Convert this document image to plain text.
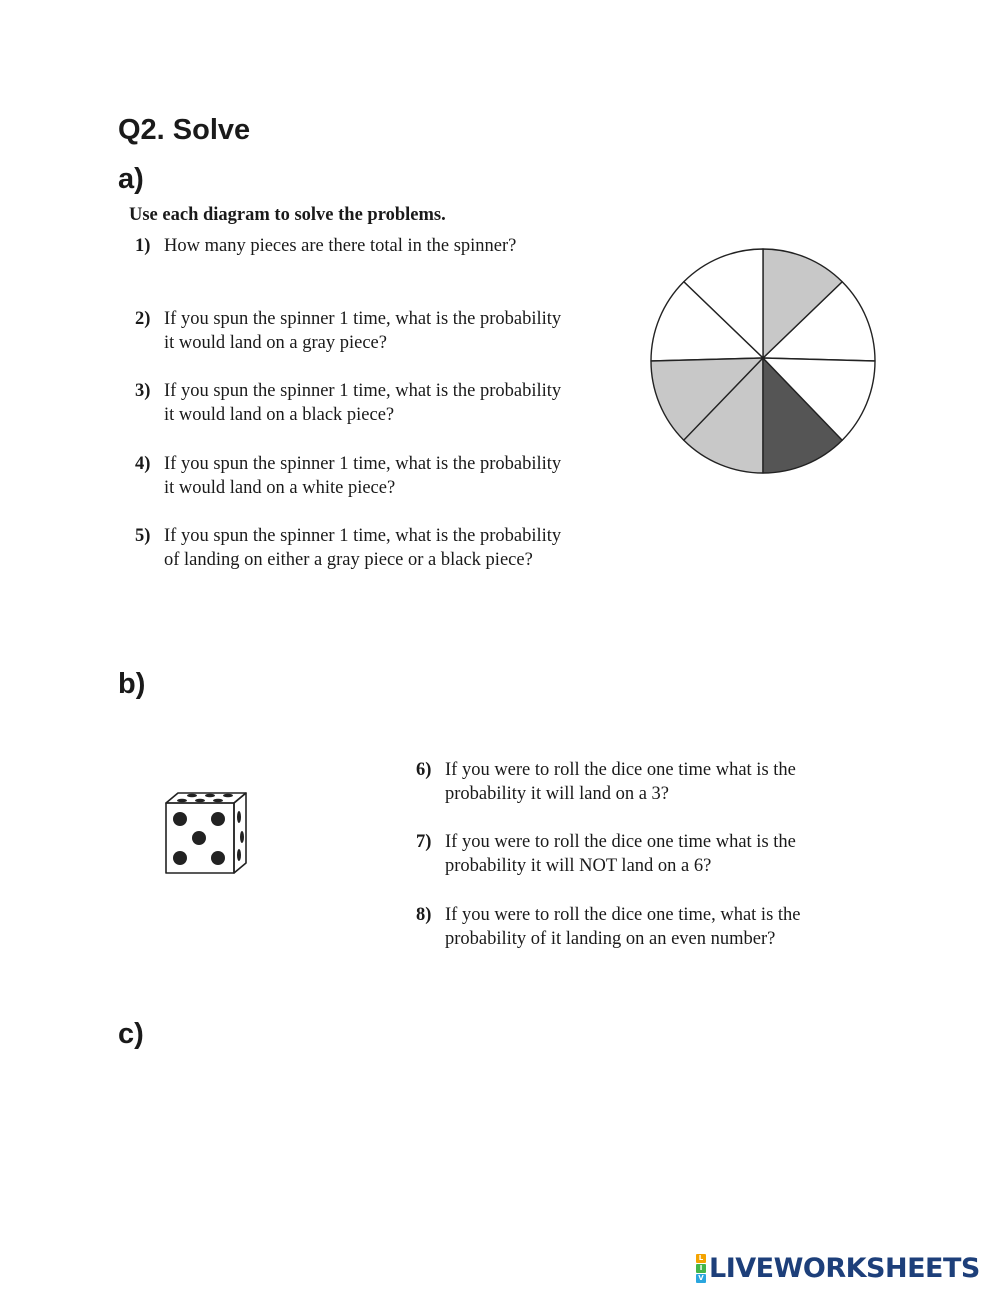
Q2. Solve
a)
Use each diagram to solve the problems.
1) How many pieces are there total in the spinner?
2) If you spun the spinner 1 time, what is the probability
it would land on a gray piece?
3) If you spun the spinner 1 time, what is the probability
it would land on a black piece?
4) If you spun the spinner 1 time, what is the probability
it would land on a white piece?
5) If you spun the spinner 1 time, what is the probability
of landing on either a gray piece or a black piece?
b)
6) If you were to roll the dice one time what is the
probability it will land on a 3?
7) If you were to roll the dice one time what is the
probability it will NOT land on a 6?
8) If you were to roll the dice one time, what is the
probability of it landing on an even number?
c)
L
I
V LIVEWORKSHEETS
